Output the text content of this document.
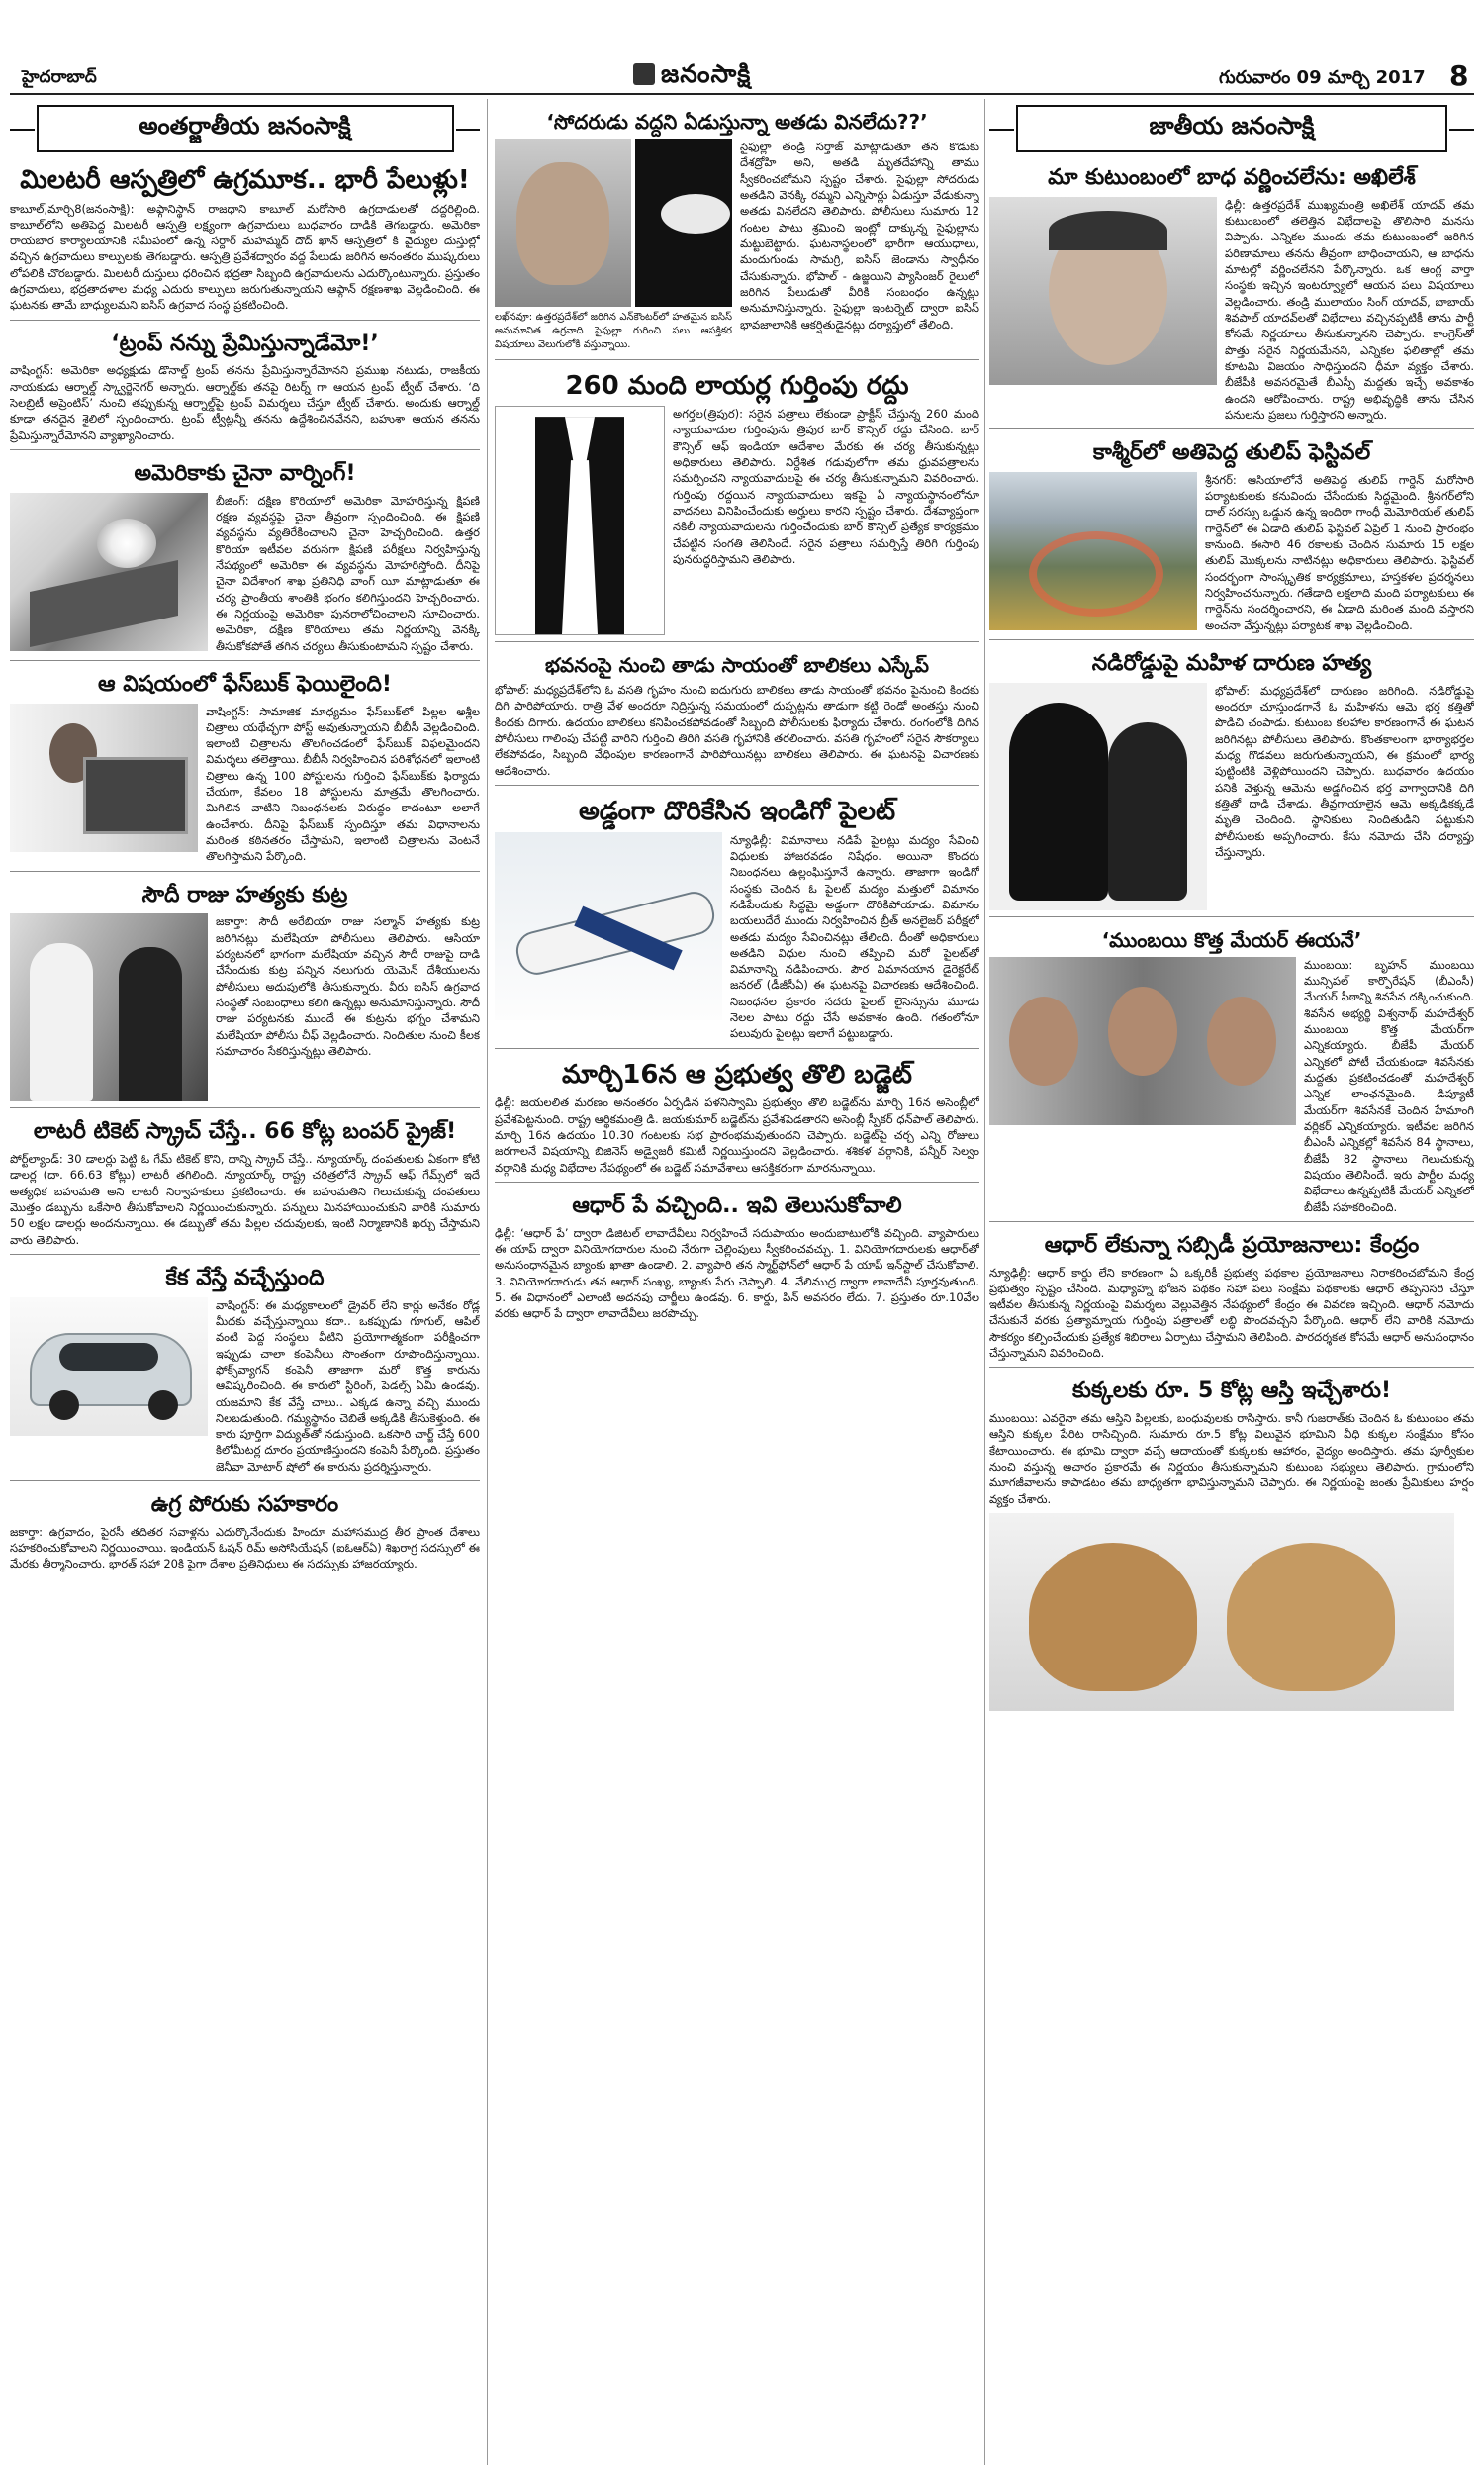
హైదరాబాద్	జనంసాక్షి	గురువారం 09 మార్చి 2017 8
అంతర్జాతీయ జనంసాక్షి
మిలటరీ ఆస్పత్రిలో ఉగ్రమూక.. భారీ పేలుళ్లు!
కాబూల్‌,మార్చి8(జనంసాక్షి): అఫ్గానిస్థాన్‌ రాజధాని కాబూల్‌ మరోసారి ఉగ్రదాడులతో దద్దరిల్లింది. కాబూల్‌లోని అతిపెద్ద మిలటరీ ఆస్పత్రి లక్ష్యంగా ఉగ్రవాదులు బుధవారం దాడికి తెగబడ్డారు. అమెరికా రాయబార కార్యాలయానికి సమీపంలో ఉన్న సర్దార్‌ మహమ్మద్‌ దౌద్‌ ఖాన్‌ ఆస్పత్రిలో కి వైద్యుల దుస్తుల్లో వచ్చిన ఉగ్రవాదులు కాల్పులకు తెగబడ్డారు. ఆస్పత్రి ప్రవేశద్వారం వద్ద పేలుడు జరిగిన అనంతరం ముష్కరులు లోపలికి చొరబడ్డారు. మిలటరీ దుస్తులు ధరించిన భద్రతా సిబ్బంది ఉగ్రవాదులను ఎదుర్కొంటున్నారు. ప్రస్తుతం ఉగ్రవాదులు, భద్రతాదళాల మధ్య ఎదురు కాల్పులు జరుగుతున్నాయని ఆఫ్గాన్‌ రక్షణశాఖ వెల్లడించింది. ఈ ఘటనకు తామే బాధ్యులమని ఐసిస్‌ ఉగ్రవాద సంస్థ ప్రకటించింది.
‘ట్రంప్‌ నన్ను ప్రేమిస్తున్నాడేమో!’
వాషింగ్టన్‌: అమెరికా అధ్యక్షుడు డొనాల్డ్‌ ట్రంప్‌ తనను ప్రేమిస్తున్నారేమోనని ప్రముఖ నటుడు, రాజకీయ నాయకుడు ఆర్నాల్డ్‌ స్క్వార్జెనెగర్‌ అన్నారు. ఆర్నాల్డ్‌కు తనపై రిటర్న్‌ గా ఆయన ట్రంప్‌ ట్వీట్‌ చేశారు. ‘ది సెలబ్రిటీ అప్రెంటిస్‌’ నుంచి తప్పుకున్న ఆర్నాల్డ్‌పై ట్రంప్‌ విమర్శలు చేస్తూ ట్వీట్‌ చేశారు. అందుకు ఆర్నాల్డ్‌ కూడా తనదైన శైలిలో స్పందించారు. ట్రంప్‌ ట్వీట్లన్నీ తనను ఉద్దేశించినవేనని, బహుశా ఆయన తనను ప్రేమిస్తున్నారేమోనని వ్యాఖ్యానించారు.
అమెరికాకు చైనా వార్నింగ్‌!
బీజింగ్‌: దక్షిణ కొరియాలో అమెరికా మోహరిస్తున్న క్షిపణి రక్షణ వ్యవస్థపై చైనా తీవ్రంగా స్పందించింది. ఈ క్షిపణి వ్యవస్థను వ్యతిరేకించాలని చైనా హెచ్చరించింది. ఉత్తర కొరియా ఇటీవల వరుసగా క్షిపణి పరీక్షలు నిర్వహిస్తున్న నేపథ్యంలో అమెరికా ఈ వ్యవస్థను మోహరిస్తోంది. దీనిపై చైనా విదేశాంగ శాఖ ప్రతినిధి వాంగ్‌ యీ మాట్లాడుతూ ఈ చర్య ప్రాంతీయ శాంతికి భంగం కలిగిస్తుందని హెచ్చరించారు. ఈ నిర్ణయంపై అమెరికా పునరాలోచించాలని సూచించారు. అమెరికా, దక్షిణ కొరియాలు తమ నిర్ణయాన్ని వెనక్కి తీసుకోకపోతే తగిన చర్యలు తీసుకుంటామని స్పష్టం చేశారు.
ఆ విషయంలో ఫేస్‌బుక్‌ ఫెయిలైంది!
వాషింగ్టన్‌: సామాజిక మాధ్యమం ఫేస్‌బుక్‌లో పిల్లల అశ్లీల చిత్రాలు యథేచ్ఛగా పోస్ట్‌ అవుతున్నాయని బీబీసీ వెల్లడించింది. ఇలాంటి చిత్రాలను తొలగించడంలో ఫేస్‌బుక్‌ విఫలమైందని విమర్శలు తలెత్తాయి. బీబీసీ నిర్వహించిన పరిశోధనలో ఇలాంటి చిత్రాలు ఉన్న 100 పోస్టులను గుర్తించి ఫేస్‌బుక్‌కు ఫిర్యాదు చేయగా, కేవలం 18 పోస్టులను మాత్రమే తొలగించారు. మిగిలిన వాటిని నిబంధనలకు విరుద్ధం కాదంటూ అలాగే ఉంచేశారు. దీనిపై ఫేస్‌బుక్‌ స్పందిస్తూ తమ విధానాలను మరింత కఠినతరం చేస్తామని, ఇలాంటి చిత్రాలను వెంటనే తొలగిస్తామని పేర్కొంది.
సౌదీ రాజు హత్యకు కుట్ర
జకార్తా: సౌదీ అరేబియా రాజు సల్మాన్‌ హత్యకు కుట్ర జరిగినట్లు మలేషియా పోలీసులు తెలిపారు. ఆసియా పర్యటనలో భాగంగా మలేషియా వచ్చిన సౌదీ రాజుపై దాడి చేసేందుకు కుట్ర పన్నిన నలుగురు యెమెన్‌ దేశీయులను పోలీసులు అదుపులోకి తీసుకున్నారు. వీరు ఐసిస్‌ ఉగ్రవాద సంస్థతో సంబంధాలు కలిగి ఉన్నట్లు అనుమానిస్తున్నారు. సౌదీ రాజు పర్యటనకు ముందే ఈ కుట్రను భగ్నం చేశామని మలేషియా పోలీసు చీఫ్‌ వెల్లడించారు. నిందితుల నుంచి కీలక సమాచారం సేకరిస్తున్నట్లు తెలిపారు.
లాటరీ టికెట్‌ స్క్రాచ్‌ చేస్తే.. 66 కోట్ల బంపర్‌ ప్రైజ్‌!
పోర్ట్‌ల్యాండ్‌: 30 డాలర్లు పెట్టి ఓ గేమ్‌ టికెట్‌ కొని, దాన్ని స్క్రాచ్‌ చేస్తే.. న్యూయార్క్‌ దంపతులకు ఏకంగా కోటి డాలర్ల (దా. 66.63 కోట్లు) లాటరీ తగిలింది. న్యూయార్క్‌ రాష్ట్ర చరిత్రలోనే స్క్రాచ్‌ ఆఫ్‌ గేమ్స్‌లో ఇదే అత్యధిక బహుమతి అని లాటరీ నిర్వాహకులు ప్రకటించారు. ఈ బహుమతిని గెలుచుకున్న దంపతులు మొత్తం డబ్బును ఒకేసారి తీసుకోవాలని నిర్ణయించుకున్నారు. పన్నులు మినహాయించుకుని వారికి సుమారు 50 లక్షల డాలర్లు అందనున్నాయి. ఈ డబ్బుతో తమ పిల్లల చదువులకు, ఇంటి నిర్మాణానికి ఖర్చు చేస్తామని వారు తెలిపారు.
కేక వేస్తే వచ్చేస్తుంది
వాషింగ్టన్‌: ఈ మధ్యకాలంలో డ్రైవర్‌ లేని కార్లు అనేకం రోడ్ల మీదకు వచ్చేస్తున్నాయి కదా.. ఒకప్పుడు గూగుల్‌, ఆపిల్‌ వంటి పెద్ద సంస్థలు వీటిని ప్రయోగాత్మకంగా పరీక్షించగా ఇప్పుడు చాలా కంపెనీలు సొంతంగా రూపొందిస్తున్నాయి. ఫోక్స్‌వ్యాగన్‌ కంపెనీ తాజాగా మరో కొత్త కారును ఆవిష్కరించింది. ఈ కారులో స్టీరింగ్‌, పెడల్స్‌ ఏమీ ఉండవు. యజమాని కేక వేస్తే చాలు.. ఎక్కడ ఉన్నా వచ్చి ముందు నిలబడుతుంది. గమ్యస్థానం చెబితే అక్కడికి తీసుకెళ్తుంది. ఈ కారు పూర్తిగా విద్యుత్‌తో నడుస్తుంది. ఒకసారి చార్జ్‌ చేస్తే 600 కిలోమీటర్ల దూరం ప్రయాణిస్తుందని కంపెనీ పేర్కొంది. ప్రస్తుతం జెనీవా మోటార్‌ షోలో ఈ కారును ప్రదర్శిస్తున్నారు.
ఉగ్ర పోరుకు సహకారం
జకార్తా: ఉగ్రవాదం, పైరసీ తదితర సవాళ్లను ఎదుర్కొనేందుకు హిందూ మహాసముద్ర తీర ప్రాంత దేశాలు సహకరించుకోవాలని నిర్ణయించాయి. ఇండియన్‌ ఓషన్‌ రిమ్‌ అసోసియేషన్‌ (ఐఓఆర్‌ఏ) శిఖరాగ్ర సదస్సులో ఈ మేరకు తీర్మానించారు. భారత్‌ సహా 20కి పైగా దేశాల ప్రతినిధులు ఈ సదస్సుకు హాజరయ్యారు.
‘సోదరుడు వద్దని ఏడుస్తున్నా అతడు వినలేదు??’
లఖ్‌నవూ: ఉత్తరప్రదేశ్‌లో జరిగిన ఎన్‌కౌంటర్‌లో హతమైన ఐసిస్‌ అనుమానిత ఉగ్రవాది సైఫుల్లా గురించి పలు ఆసక్తికర విషయాలు వెలుగులోకి వస్తున్నాయి.
సైఫుల్లా తండ్రి సర్తాజ్‌ మాట్లాడుతూ తన కొడుకు దేశద్రోహి అని, అతడి మృతదేహాన్ని తాము స్వీకరించబోమని స్పష్టం చేశారు. సైఫుల్లా సోదరుడు అతడిని వెనక్కి రమ్మని ఎన్నిసార్లు ఏడుస్తూ వేడుకున్నా అతడు వినలేదని తెలిపారు. పోలీసులు సుమారు 12 గంటల పాటు శ్రమించి ఇంట్లో దాక్కున్న సైఫుల్లాను మట్టుబెట్టారు. ఘటనాస్థలంలో భారీగా ఆయుధాలు, మందుగుండు సామగ్రి, ఐసిస్‌ జెండాను స్వాధీనం చేసుకున్నారు. భోపాల్‌ - ఉజ్జయిని ప్యాసింజర్‌ రైలులో జరిగిన పేలుడుతో వీరికి సంబంధం ఉన్నట్లు అనుమానిస్తున్నారు. సైఫుల్లా ఇంటర్నెట్‌ ద్వారా ఐసిస్‌ భావజాలానికి ఆకర్షితుడైనట్లు దర్యాప్తులో తేలింది.
260 మంది లాయర్ల గుర్తింపు రద్దు
అగర్తల(త్రిపుర): సరైన పత్రాలు లేకుండా ప్రాక్టీస్‌ చేస్తున్న 260 మంది న్యాయవాదుల గుర్తింపును త్రిపుర బార్‌ కౌన్సిల్‌ రద్దు చేసింది. బార్‌ కౌన్సిల్‌ ఆఫ్‌ ఇండియా ఆదేశాల మేరకు ఈ చర్య తీసుకున్నట్లు అధికారులు తెలిపారు. నిర్దేశిత గడువులోగా తమ ధ్రువపత్రాలను సమర్పించని న్యాయవాదులపై ఈ చర్య తీసుకున్నామని వివరించారు. గుర్తింపు రద్దయిన న్యాయవాదులు ఇకపై ఏ న్యాయస్థానంలోనూ వాదనలు వినిపించేందుకు అర్హులు కారని స్పష్టం చేశారు. దేశవ్యాప్తంగా నకిలీ న్యాయవాదులను గుర్తించేందుకు బార్‌ కౌన్సిల్‌ ప్రత్యేక కార్యక్రమం చేపట్టిన సంగతి తెలిసిందే. సరైన పత్రాలు సమర్పిస్తే తిరిగి గుర్తింపు పునరుద్ధరిస్తామని తెలిపారు.
భవనంపై నుంచి తాడు సాయంతో బాలికలు ఎస్కేప్‌
భోపాల్‌: మధ్యప్రదేశ్‌లోని ఓ వసతి గృహం నుంచి ఐదుగురు బాలికలు తాడు సాయంతో భవనం పైనుంచి కిందకు దిగి పారిపోయారు. రాత్రి వేళ అందరూ నిద్రిస్తున్న సమయంలో దుప్పట్లను తాడుగా కట్టి రెండో అంతస్తు నుంచి కిందకు దిగారు. ఉదయం బాలికలు కనిపించకపోవడంతో సిబ్బంది పోలీసులకు ఫిర్యాదు చేశారు. రంగంలోకి దిగిన పోలీసులు గాలింపు చేపట్టి వారిని గుర్తించి తిరిగి వసతి గృహానికి తరలించారు. వసతి గృహంలో సరైన సౌకర్యాలు లేకపోవడం, సిబ్బంది వేధింపుల కారణంగానే పారిపోయినట్లు బాలికలు తెలిపారు. ఈ ఘటనపై విచారణకు ఆదేశించారు.
అడ్డంగా దొరికేసిన ఇండిగో పైలట్‌
న్యూఢిల్లీ: విమానాలు నడిపే పైలట్లు మద్యం సేవించి విధులకు హాజరవడం నిషేధం. అయినా కొందరు నిబంధనలు ఉల్లంఘిస్తూనే ఉన్నారు. తాజాగా ఇండిగో సంస్థకు చెందిన ఓ పైలట్‌ మద్యం మత్తులో విమానం నడిపేందుకు సిద్ధమై అడ్డంగా దొరికిపోయాడు. విమానం బయలుదేరే ముందు నిర్వహించిన బ్రీత్‌ అనలైజర్‌ పరీక్షలో అతడు మద్యం సేవించినట్లు తేలింది. దీంతో అధికారులు అతడిని విధుల నుంచి తప్పించి మరో పైలట్‌తో విమానాన్ని నడిపించారు. పౌర విమానయాన డైరెక్టరేట్‌ జనరల్‌ (డీజీసీఏ) ఈ ఘటనపై విచారణకు ఆదేశించింది. నిబంధనల ప్రకారం సదరు పైలట్‌ లైసెన్సును మూడు నెలల పాటు రద్దు చేసే అవకాశం ఉంది. గతంలోనూ పలువురు పైలట్లు ఇలాగే పట్టుబడ్డారు.
మార్చి16న ఆ ప్రభుత్వ తొలి బడ్జెట్‌
ఢిల్లీ: జయలలిత మరణం అనంతరం ఏర్పడిన పళనిస్వామి ప్రభుత్వం తొలి బడ్జెట్‌ను మార్చి 16న అసెంబ్లీలో ప్రవేశపెట్టనుంది. రాష్ట్ర ఆర్థికమంత్రి డి. జయకుమార్‌ బడ్జెట్‌ను ప్రవేశపెడతారని అసెంబ్లీ స్పీకర్‌ ధన్‌పాల్‌ తెలిపారు. మార్చి 16న ఉదయం 10.30 గంటలకు సభ ప్రారంభమవుతుందని చెప్పారు. బడ్జెట్‌పై చర్చ ఎన్ని రోజులు జరగాలనే విషయాన్ని బిజినెస్‌ అడ్వైజరీ కమిటీ నిర్ణయిస్తుందని వెల్లడించారు. శశికళ వర్గానికి, పన్నీర్‌ సెల్వం వర్గానికి మధ్య విభేదాల నేపథ్యంలో ఈ బడ్జెట్‌ సమావేశాలు ఆసక్తికరంగా మారనున్నాయి.
ఆధార్‌ పే వచ్చింది.. ఇవి తెలుసుకోవాలి
ఢిల్లీ: ‘ఆధార్‌ పే’ ద్వారా డిజిటల్‌ లావాదేవీలు నిర్వహించే సదుపాయం అందుబాటులోకి వచ్చింది. వ్యాపారులు ఈ యాప్‌ ద్వారా వినియోగదారుల నుంచి నేరుగా చెల్లింపులు స్వీకరించవచ్చు. 1. వినియోగదారులకు ఆధార్‌తో అనుసంధానమైన బ్యాంకు ఖాతా ఉండాలి. 2. వ్యాపారి తన స్మార్ట్‌ఫోన్‌లో ఆధార్‌ పే యాప్‌ ఇన్‌స్టాల్‌ చేసుకోవాలి. 3. వినియోగదారుడు తన ఆధార్‌ సంఖ్య, బ్యాంకు పేరు చెప్పాలి. 4. వేలిముద్ర ద్వారా లావాదేవీ పూర్తవుతుంది. 5. ఈ విధానంలో ఎలాంటి అదనపు చార్జీలు ఉండవు. 6. కార్డు, పిన్‌ అవసరం లేదు. 7. ప్రస్తుతం రూ.10వేల వరకు ఆధార్‌ పే ద్వారా లావాదేవీలు జరపొచ్చు.
జాతీయ జనంసాక్షి
మా కుటుంబంలో బాధ వర్ణించలేను: అఖిలేశ్‌
ఢిల్లీ: ఉత్తరప్రదేశ్‌ ముఖ్యమంత్రి అఖిలేశ్‌ యాదవ్‌ తమ కుటుంబంలో తలెత్తిన విభేదాలపై తొలిసారి మనసు విప్పారు. ఎన్నికల ముందు తమ కుటుంబంలో జరిగిన పరిణామాలు తనను తీవ్రంగా బాధించాయని, ఆ బాధను మాటల్లో వర్ణించలేనని పేర్కొన్నారు. ఒక ఆంగ్ల వార్తా సంస్థకు ఇచ్చిన ఇంటర్వ్యూలో ఆయన పలు విషయాలు వెల్లడించారు. తండ్రి ములాయం సింగ్‌ యాదవ్‌, బాబాయ్‌ శివపాల్‌ యాదవ్‌లతో విభేదాలు వచ్చినప్పటికీ తాను పార్టీ కోసమే నిర్ణయాలు తీసుకున్నానని చెప్పారు. కాంగ్రెస్‌తో పొత్తు సరైన నిర్ణయమేనని, ఎన్నికల ఫలితాల్లో తమ కూటమి విజయం సాధిస్తుందని ధీమా వ్యక్తం చేశారు. బీజేపీకి అవసరమైతే బీఎస్పీ మద్దతు ఇచ్చే అవకాశం ఉందని ఆరోపించారు. రాష్ట్ర అభివృద్ధికి తాను చేసిన పనులను ప్రజలు గుర్తిస్తారని అన్నారు.
కాశ్మీర్‌లో అతిపెద్ద తులిప్‌ ఫెస్టివల్‌
శ్రీనగర్‌: ఆసియాలోనే అతిపెద్ద తులిప్‌ గార్డెన్‌ మరోసారి పర్యాటకులకు కనువిందు చేసేందుకు సిద్ధమైంది. శ్రీనగర్‌లోని దాల్‌ సరస్సు ఒడ్డున ఉన్న ఇందిరా గాంధీ మెమోరియల్‌ తులిప్‌ గార్డెన్‌లో ఈ ఏడాది తులిప్‌ ఫెస్టివల్‌ ఏప్రిల్‌ 1 నుంచి ప్రారంభం కానుంది. ఈసారి 46 రకాలకు చెందిన సుమారు 15 లక్షల తులిప్‌ మొక్కలను నాటినట్లు అధికారులు తెలిపారు. ఫెస్టివల్‌ సందర్భంగా సాంస్కృతిక కార్యక్రమాలు, హస్తకళల ప్రదర్శనలు నిర్వహించనున్నారు. గతేడాది లక్షలాది మంది పర్యాటకులు ఈ గార్డెన్‌ను సందర్శించారని, ఈ ఏడాది మరింత మంది వస్తారని అంచనా వేస్తున్నట్లు పర్యాటక శాఖ వెల్లడించింది.
నడిరోడ్డుపై మహిళ దారుణ హత్య
భోపాల్‌: మధ్యప్రదేశ్‌లో దారుణం జరిగింది. నడిరోడ్డుపై అందరూ చూస్తుండగానే ఓ మహిళను ఆమె భర్త కత్తితో పొడిచి చంపాడు. కుటుంబ కలహాల కారణంగానే ఈ ఘటన జరిగినట్లు పోలీసులు తెలిపారు. కొంతకాలంగా భార్యాభర్తల మధ్య గొడవలు జరుగుతున్నాయని, ఈ క్రమంలో భార్య పుట్టింటికి వెళ్లిపోయిందని చెప్పారు. బుధవారం ఉదయం పనికి వెళ్తున్న ఆమెను అడ్డగించిన భర్త వాగ్వాదానికి దిగి కత్తితో దాడి చేశాడు. తీవ్రగాయాలైన ఆమె అక్కడికక్కడే మృతి చెందింది. స్థానికులు నిందితుడిని పట్టుకుని పోలీసులకు అప్పగించారు. కేసు నమోదు చేసి దర్యాప్తు చేస్తున్నారు.
‘ముంబయి కొత్త మేయర్‌ ఈయనే’
ముంబయి: బృహన్‌ ముంబయి మున్సిపల్‌ కార్పొరేషన్‌ (బీఎంసీ) మేయర్‌ పీఠాన్ని శివసేన దక్కించుకుంది. శివసేన అభ్యర్థి విశ్వనాథ్‌ మహదేశ్వర్‌ ముంబయి కొత్త మేయర్‌గా ఎన్నికయ్యారు. బీజేపీ మేయర్‌ ఎన్నికలో పోటీ చేయకుండా శివసేనకు మద్దతు ప్రకటించడంతో మహదేశ్వర్‌ ఎన్నిక లాంఛనమైంది. డిప్యూటీ మేయర్‌గా శివసేనకే చెందిన హేమాంగి వర్లికర్‌ ఎన్నికయ్యారు. ఇటీవల జరిగిన బీఎంసీ ఎన్నికల్లో శివసేన 84 స్థానాలు, బీజేపీ 82 స్థానాలు గెలుచుకున్న విషయం తెలిసిందే. ఇరు పార్టీల మధ్య విభేదాలు ఉన్నప్పటికీ మేయర్‌ ఎన్నికలో బీజేపీ సహకరించింది.
ఆధార్‌ లేకున్నా సబ్సిడీ ప్రయోజనాలు: కేంద్రం
న్యూఢిల్లీ: ఆధార్‌ కార్డు లేని కారణంగా ఏ ఒక్కరికీ ప్రభుత్వ పథకాల ప్రయోజనాలు నిరాకరించబోమని కేంద్ర ప్రభుత్వం స్పష్టం చేసింది. మధ్యాహ్న భోజన పథకం సహా పలు సంక్షేమ పథకాలకు ఆధార్‌ తప్పనిసరి చేస్తూ ఇటీవల తీసుకున్న నిర్ణయంపై విమర్శలు వెల్లువెత్తిన నేపథ్యంలో కేంద్రం ఈ వివరణ ఇచ్చింది. ఆధార్‌ నమోదు చేసుకునే వరకు ప్రత్యామ్నాయ గుర్తింపు పత్రాలతో లబ్ధి పొందవచ్చని పేర్కొంది. ఆధార్‌ లేని వారికి నమోదు సౌకర్యం కల్పించేందుకు ప్రత్యేక శిబిరాలు ఏర్పాటు చేస్తామని తెలిపింది. పారదర్శకత కోసమే ఆధార్‌ అనుసంధానం చేస్తున్నామని వివరించింది.
కుక్కలకు రూ. 5 కోట్ల ఆస్తి ఇచ్చేశారు!
ముంబయి: ఎవరైనా తమ ఆస్తిని పిల్లలకు, బంధువులకు రాసిస్తారు. కానీ గుజరాత్‌కు చెందిన ఓ కుటుంబం తమ ఆస్తిని కుక్కల పేరిట రాసిచ్చింది. సుమారు రూ.5 కోట్ల విలువైన భూమిని వీధి కుక్కల సంక్షేమం కోసం కేటాయించారు. ఈ భూమి ద్వారా వచ్చే ఆదాయంతో కుక్కలకు ఆహారం, వైద్యం అందిస్తారు. తమ పూర్వీకుల నుంచి వస్తున్న ఆచారం ప్రకారమే ఈ నిర్ణయం తీసుకున్నామని కుటుంబ సభ్యులు తెలిపారు. గ్రామంలోని మూగజీవాలను కాపాడటం తమ బాధ్యతగా భావిస్తున్నామని చెప్పారు. ఈ నిర్ణయంపై జంతు ప్రేమికులు హర్షం వ్యక్తం చేశారు.
